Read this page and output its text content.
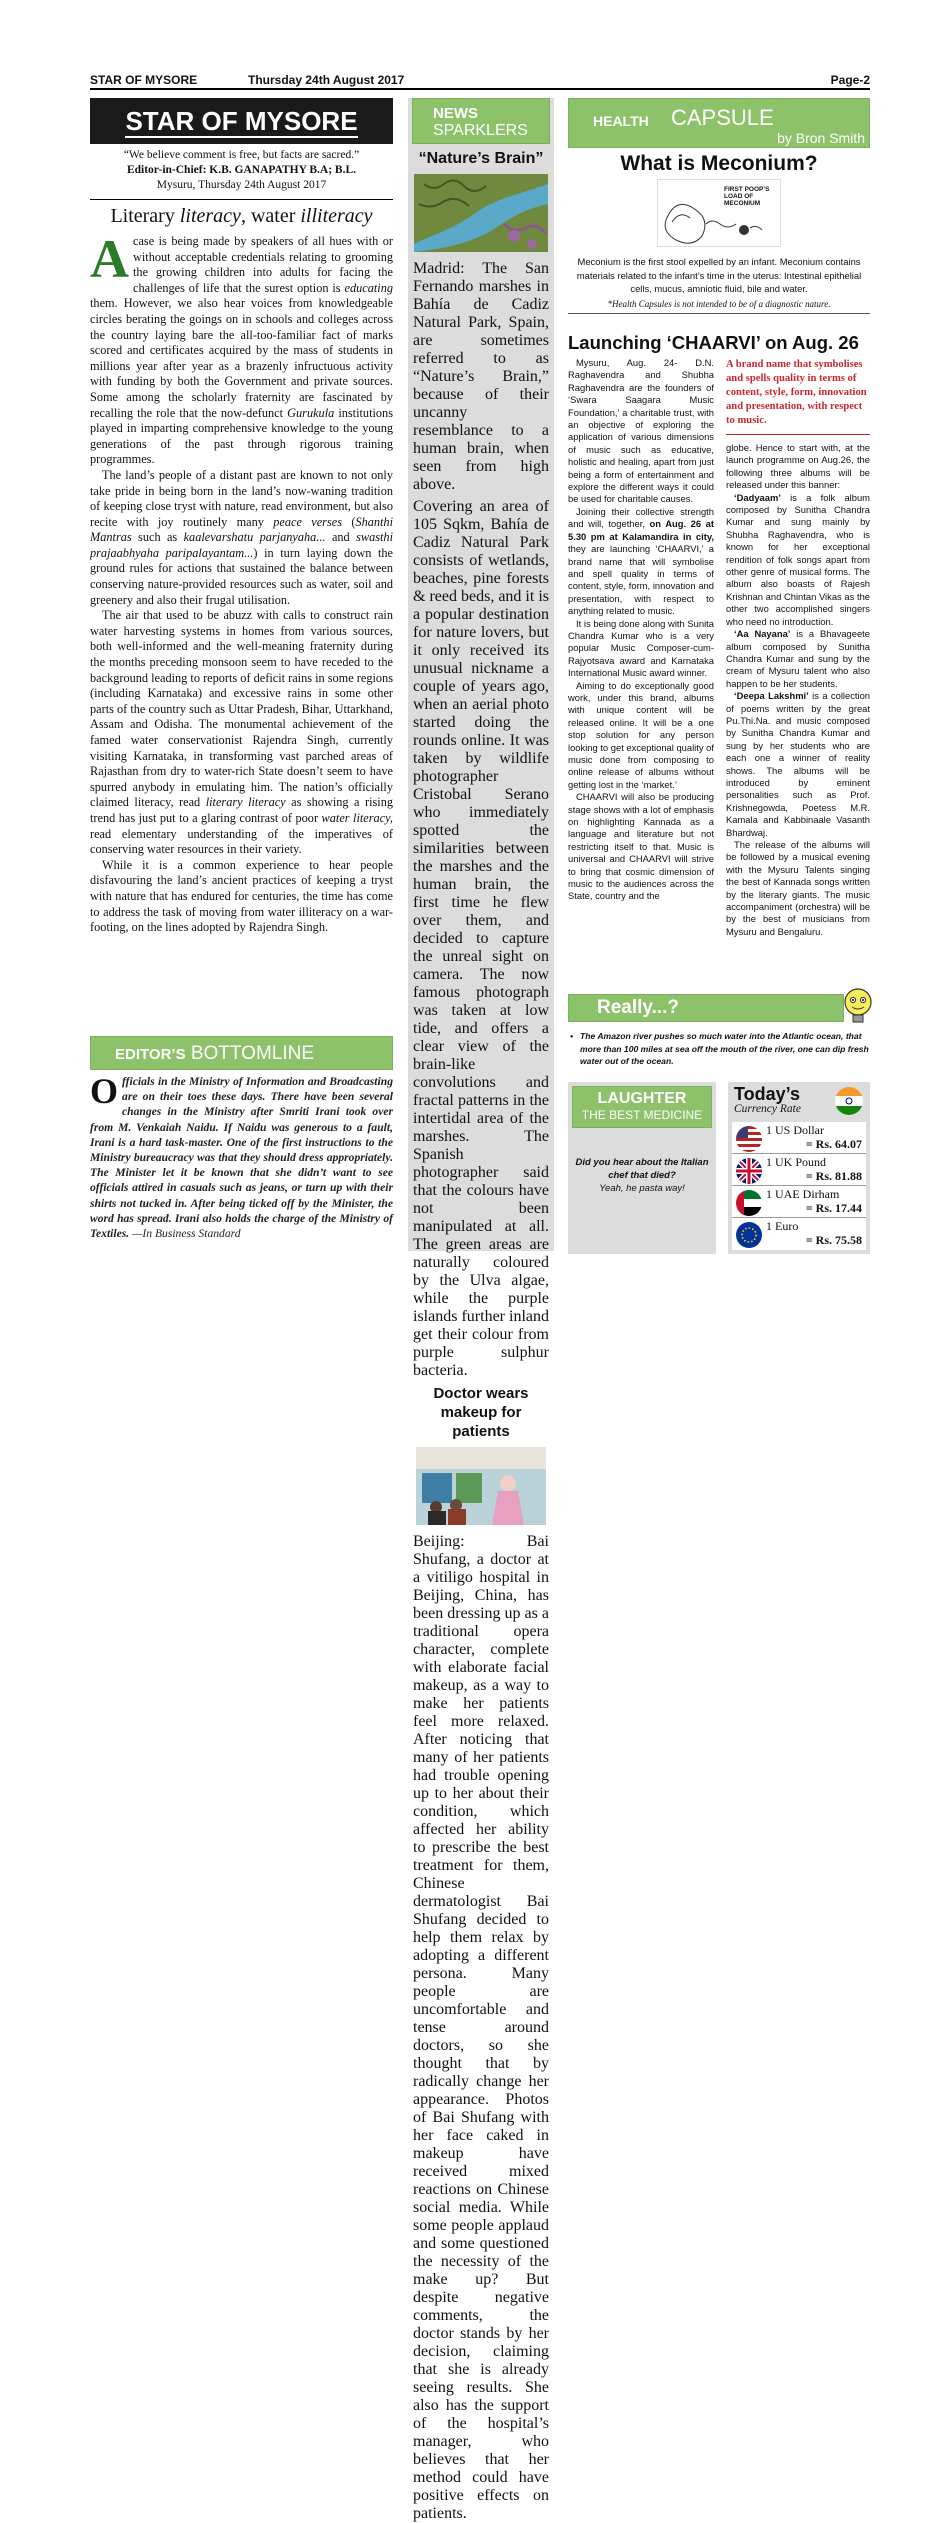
STAR OF MYSORE	Thursday 24th August 2017	Page-2
STAR OF MYSORE
“We believe comment is free, but facts are sacred.”
Editor-in-Chief: K.B. GANAPATHY B.A; B.L.
Mysuru, Thursday 24th August 2017
Literary literacy, water illiteracy

Acase is being made by speakers of all hues with or without acceptable credentials relating to grooming the growing children into adults for facing the challenges of life that the surest option is educating them. However, we also hear voices from knowledgeable circles berating the goings on in schools and colleges across the country laying bare the all-too-familiar fact of marks scored and certificates acquired by the mass of students in millions year after year as a brazenly infructuous activity with funding by both the Government and private sources. Some among the scholarly fraternity are fascinated by recalling the role that the now-defunct Gurukula institutions played in imparting comprehensive knowledge to the young generations of the past through rigorous training programmes.

The land’s people of a distant past are known to not only take pride in being born in the land’s now-waning tradition of keeping close tryst with nature, read environment, but also recite with joy routinely many peace verses (Shanthi Mantras such as kaalevarshatu parjanyaha... and swasthi prajaabhyaha paripalayantam...) in turn laying down the ground rules for actions that sustained the balance between conserving nature-provided resources such as water, soil and greenery and also their frugal utilisation.

The air that used to be abuzz with calls to construct rain water harvesting systems in homes from various sources, both well-informed and the well-meaning fraternity during the months preceding monsoon seem to have receded to the background leading to reports of deficit rains in some regions (including Karnataka) and excessive rains in some other parts of the country such as Uttar Pradesh, Bihar, Uttarkhand, Assam and Odisha. The monumental achievement of the famed water conservationist Rajendra Singh, currently visiting Karnataka, in transforming vast parched areas of Rajasthan from dry to water-rich State doesn’t seem to have spurred anybody in emulating him. The nation’s officially claimed literacy, read literary literacy as showing a rising trend has just put to a glaring contrast of poor water literacy, read elementary understanding of the imperatives of conserving water resources in their variety.

While it is a common experience to hear people disfavouring the land’s ancient practices of keeping a tryst with nature that has endured for centuries, the time has come to address the task of moving from water illiteracy on a war-footing, on the lines adopted by Rajendra Singh.

EDITOR’S BOTTOMLINE
Officials in the Ministry of Information and Broadcasting are on their toes these days. There have been several changes in the Ministry after Smriti Irani took over from M. Venkaiah Naidu. If Naidu was generous to a fault, Irani is a hard task-master. One of the first instructions to the Ministry bureaucracy was that they should dress appropriately. The Minister let it be known that she didn’t want to see officials attired in casuals such as jeans, or turn up with their shirts not tucked in. After being ticked off by the Minister, the word has spread. Irani also holds the charge of the Ministry of Textiles. —In Business Standard
NEWS
SPARKLERS
“Nature’s Brain”

Madrid: The San Fernando marshes in Bahía de Cadiz Natural Park, Spain, are sometimes referred to as “Nature’s Brain,” because of their uncanny resemblance to a human brain, when seen from high above.

Covering an area of 105 Sqkm, Bahía de Cadiz Natural Park consists of wetlands, beaches, pine forests & reed beds, and it is a popular destination for nature lovers, but it only received its unusual nickname a couple of years ago, when an aerial photo started doing the rounds online. It was taken by wildlife photographer Cristobal Serano who immediately spotted the similarities between the marshes and the human brain, the first time he flew over them, and decided to capture the unreal sight on camera. The now famous photograph was taken at low tide, and offers a clear view of the brain-like convolutions and fractal patterns in the intertidal area of the marshes. The Spanish photographer said that the colours have not been manipulated at all. The green areas are naturally coloured by the Ulva algae, while the purple islands further inland get their colour from purple sulphur bacteria.

Doctor wears makeup for patients

Beijing: Bai Shufang, a doctor at a vitiligo hospital in Beijing, China, has been dressing up as a traditional opera character, complete with elaborate facial makeup, as a way to make her patients feel more relaxed. After noticing that many of her patients had trouble opening up to her about their condition, which affected her ability to prescribe the best treatment for them, Chinese dermatologist Bai Shufang decided to help them relax by adopting a different persona. Many people are uncomfortable and tense around doctors, so she thought that by radically change her appearance. Photos of Bai Shufang with her face caked in makeup have received mixed reactions on Chinese social media. While some people applaud and some questioned the necessity of the make up? But despite negative comments, the doctor stands by her decision, claiming that she is already seeing results. She also has the support of the hospital’s manager, who believes that her method could have positive effects on patients.

HEALTH CAPSULE
by Bron Smith
What is Meconium?
FIRST POOP’S LOAD OF MECONIUM
Meconium is the first stool expelled by an infant. Meconium contains materials related to the infant’s time in the uterus: Intestinal epithelial cells, mucus, amniotic fluid, bile and water.
*Health Capsules is not intended to be of a diagnostic nature.
Launching ‘CHAARVI’ on Aug. 26

Mysuru, Aug. 24- D.N. Raghavendra and Shubha Raghavendra are the founders of ‘Swara Saagara Music Foundation,’ a charitable trust, with an objective of exploring the application of various dimensions of music such as educative, holistic and healing, apart from just being a form of entertainment and explore the different ways it could be used for charitable causes.

Joining their collective strength and will, together, on Aug. 26 at 5.30 pm at Kalamandira in city, they are launching ‘CHAARVI,’ a brand name that will symbolise and spell quality in terms of content, style, form, innovation and presentation, with respect to anything related to music.

It is being done along with Sunita Chandra Kumar who is a very popular Music Composer-cum- Rajyotsava award and Karnataka International Music award winner.

Aiming to do exceptionally good work, under this brand, albums with unique content will be released online. It will be a one stop solution for any person looking to get exceptional quality of music done from composing to online release of albums without getting lost in the ‘market.’

CHAARVI will also be producing stage shows with a lot of emphasis on highlighting Kannada as a language and literature but not restricting itself to that. Music is universal and CHAARVI will strive to bring that cosmic dimension of music to the audiences across the State, country and the

A brand name that symbolises and spells quality in terms of content, style, form, innovation and presentation, with respect to music.

globe. Hence to start with, at the launch programme on Aug.26, the following three albums will be released under this banner:

‘Dadyaam’ is a folk album composed by Sunitha Chandra Kumar and sung mainly by Shubha Raghavendra, who is known for her exceptional rendition of folk songs apart from other genre of musical forms. The album also boasts of Rajesh Krishnan and Chintan Vikas as the other two accomplished singers who need no introduction.

‘Aa Nayana’ is a Bhavageete album composed by Sunitha Chandra Kumar and sung by the cream of Mysuru talent who also happen to be her students.

‘Deepa Lakshmi’ is a collection of poems written by the great Pu.Thi.Na. and music composed by Sunitha Chandra Kumar and sung by her students who are each one a winner of reality shows. The albums will be introduced by eminent personalities such as Prof. Krishnegowda, Poetess M.R. Kamala and Kabbinaale Vasanth Bhardwaj.

The release of the albums will be followed by a musical evening with the Mysuru Talents singing the best of Kannada songs written by the literary giants. The music accompaniment (orchestra) will be by the best of musicians from Mysuru and Bengaluru.

Really...?
• The Amazon river pushes so much water into the Atlantic ocean, that more than 100 miles at sea off the mouth of the river, one can dip fresh water out of the ocean.
LAUGHTER
THE BEST MEDICINE
Did you hear about the Italian chef that died?
Yeah, he pasta way!
Today’s
Currency Rate
1 US Dollar
= Rs. 64.07
1 UK Pound
= Rs. 81.88
1 UAE Dirham
= Rs. 17.44
1 Euro
= Rs. 75.58
